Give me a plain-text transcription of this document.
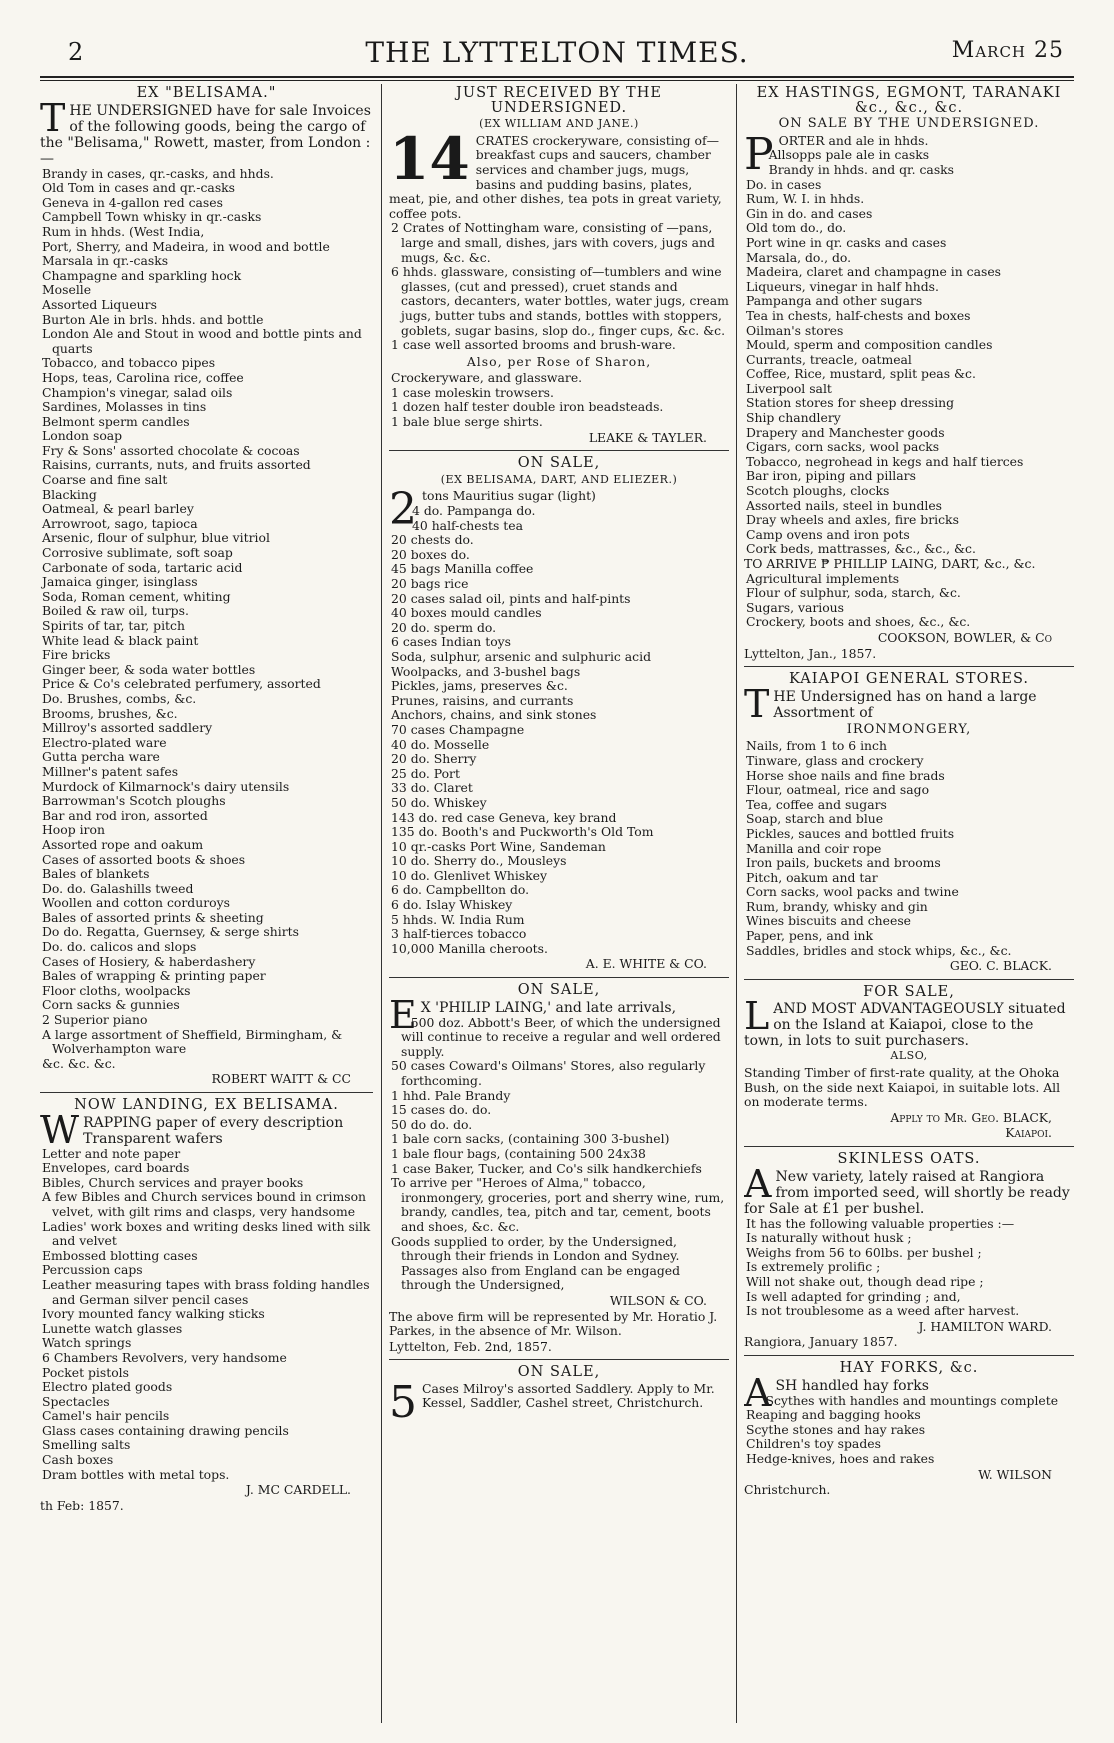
2	THE LYTTELTON TIMES.	March 25
EX "BELISAMA."

THE UNDERSIGNED have for sale Invoices of the following goods, being the cargo of the "Belisama," Rowett, master, from London :—

Brandy in cases, qr.-casks, and hhds.

Old Tom in cases and qr.-casks

Geneva in 4-gallon red cases

Campbell Town whisky in qr.-casks

Rum in hhds. (West India,

Port, Sherry, and Madeira, in wood and bottle

Marsala in qr.-casks

Champagne and sparkling hock

Moselle

Assorted Liqueurs

Burton Ale in brls. hhds. and bottle

London Ale and Stout in wood and bottle pints and quarts

Tobacco, and tobacco pipes

Hops, teas, Carolina rice, coffee

Champion's vinegar, salad oils

Sardines, Molasses in tins

Belmont sperm candles

London soap

Fry & Sons' assorted chocolate & cocoas

Raisins, currants, nuts, and fruits assorted

Coarse and fine salt

Blacking

Oatmeal, & pearl barley

Arrowroot, sago, tapioca

Arsenic, flour of sulphur, blue vitriol

Corrosive sublimate, soft soap

Carbonate of soda, tartaric acid

Jamaica ginger, isinglass

Soda, Roman cement, whiting

Boiled & raw oil, turps.

Spirits of tar, tar, pitch

White lead & black paint

Fire bricks

Ginger beer, & soda water bottles

Price & Co's celebrated perfumery, assorted

Do. Brushes, combs, &c.

Brooms, brushes, &c.

Millroy's assorted saddlery

Electro-plated ware

Gutta percha ware

Millner's patent safes

Murdock of Kilmarnock's dairy utensils

Barrowman's Scotch ploughs

Bar and rod iron, assorted

Hoop iron

Assorted rope and oakum

Cases of assorted boots & shoes

Bales of blankets

Do. do. Galashills tweed

Woollen and cotton corduroys

Bales of assorted prints & sheeting

Do do. Regatta, Guernsey, & serge shirts

Do. do. calicos and slops

Cases of Hosiery, & haberdashery

Bales of wrapping & printing paper

Floor cloths, woolpacks

Corn sacks & gunnies

2 Superior piano

A large assortment of Sheffield, Birmingham, & Wolverhampton ware

&c. &c. &c.

ROBERT WAITT & CC
NOW LANDING, EX BELISAMA.

WRAPPING paper of every description Transparent wafers

Letter and note paper

Envelopes, card boards

Bibles, Church services and prayer books

A few Bibles and Church services bound in crimson velvet, with gilt rims and clasps, very handsome

Ladies' work boxes and writing desks lined with silk and velvet

Embossed blotting cases

Percussion caps

Leather measuring tapes with brass folding handles and German silver pencil cases

Ivory mounted fancy walking sticks

Lunette watch glasses

Watch springs

6 Chambers Revolvers, very handsome

Pocket pistols

Electro plated goods

Spectacles

Camel's hair pencils

Glass cases containing drawing pencils

Smelling salts

Cash boxes

Dram bottles with metal tops.

J. MC CARDELL.
th Feb: 1857.
JUST RECEIVED BY THE UNDERSIGNED.
(EX WILLIAM AND JANE.)

14 CRATES crockeryware, consisting of—breakfast cups and saucers, chamber services and chamber jugs, mugs, basins and pudding basins, plates, meat, pie, and other dishes, tea pots in great variety, coffee pots.

2 Crates of Nottingham ware, consisting of —pans, large and small, dishes, jars with covers, jugs and mugs, &c. &c.

6 hhds. glassware, consisting of—tumblers and wine glasses, (cut and pressed), cruet stands and castors, decanters, water bottles, water jugs, cream jugs, butter tubs and stands, bottles with stoppers, goblets, sugar basins, slop do., finger cups, &c. &c.

1 case well assorted brooms and brush-ware.

Also, per Rose of Sharon,

Crockeryware, and glassware.

1 case moleskin trowsers.

1 dozen half tester double iron beadsteads.

1 bale blue serge shirts.

LEAKE & TAYLER.
ON SALE,
(EX BELISAMA, DART, AND ELIEZER.)

2 tons Mauritius sugar (light)

4 do. Pampanga do.

40 half-chests tea

20 chests do.

20 boxes do.

45 bags Manilla coffee

20 bags rice

20 cases salad oil, pints and half-pints

40 boxes mould candles

20 do. sperm do.

6 cases Indian toys

Soda, sulphur, arsenic and sulphuric acid

Woolpacks, and 3-bushel bags

Pickles, jams, preserves &c.

Prunes, raisins, and currants

Anchors, chains, and sink stones

70 cases Champagne

40 do. Mosselle

20 do. Sherry

25 do. Port

33 do. Claret

50 do. Whiskey

143 do. red case Geneva, key brand

135 do. Booth's and Puckworth's Old Tom

10 qr.-casks Port Wine, Sandeman

10 do. Sherry do., Mousleys

10 do. Glenlivet Whiskey

6 do. Campbellton do.

6 do. Islay Whiskey

5 hhds. W. India Rum

3 half-tierces tobacco

10,000 Manilla cheroots.

A. E. WHITE & CO.
ON SALE,

EX 'PHILIP LAING,' and late arrivals,

500 doz. Abbott's Beer, of which the undersigned will continue to receive a regular and well ordered supply.

50 cases Coward's Oilmans' Stores, also regularly forthcoming.

1 hhd. Pale Brandy

15 cases do. do.

50 do do. do.

1 bale corn sacks, (containing 300 3-bushel)

1 bale flour bags, (containing 500 24x38

1 case Baker, Tucker, and Co's silk handkerchiefs

To arrive per "Heroes of Alma," tobacco, ironmongery, groceries, port and sherry wine, rum, brandy, candles, tea, pitch and tar, cement, boots and shoes, &c. &c.

Goods supplied to order, by the Undersigned, through their friends in London and Sydney. Passages also from England can be engaged through the Undersigned,

WILSON & CO.

The above firm will be represented by Mr. Horatio J. Parkes, in the absence of Mr. Wilson.

Lyttelton, Feb. 2nd, 1857.
ON SALE,

5 Cases Milroy's assorted Saddlery. Apply to Mr. Kessel, Saddler, Cashel street, Christchurch.

EX HASTINGS, EGMONT, TARANAKI &c., &c., &c.
ON SALE BY THE UNDERSIGNED.

PORTER and ale in hhds.

Allsopps pale ale in casks

Brandy in hhds. and qr. casks

Do. in cases

Rum, W. I. in hhds.

Gin in do. and cases

Old tom do., do.

Port wine in qr. casks and cases

Marsala, do., do.

Madeira, claret and champagne in cases

Liqueurs, vinegar in half hhds.

Pampanga and other sugars

Tea in chests, half-chests and boxes

Oilman's stores

Mould, sperm and composition candles

Currants, treacle, oatmeal

Coffee, Rice, mustard, split peas &c.

Liverpool salt

Station stores for sheep dressing

Ship chandlery

Drapery and Manchester goods

Cigars, corn sacks, wool packs

Tobacco, negrohead in kegs and half tierces

Bar iron, piping and pillars

Scotch ploughs, clocks

Assorted nails, steel in bundles

Dray wheels and axles, fire bricks

Camp ovens and iron pots

Cork beds, mattrasses, &c., &c., &c.

TO ARRIVE ₱ PHILLIP LAING, DART, &c., &c.

Agricultural implements

Flour of sulphur, soda, starch, &c.

Sugars, various

Crockery, boots and shoes, &c., &c.

COOKSON, BOWLER, & Co
Lyttelton, Jan., 1857.
KAIAPOI GENERAL STORES.

THE Undersigned has on hand a large Assortment of

IRONMONGERY,

Nails, from 1 to 6 inch

Tinware, glass and crockery

Horse shoe nails and fine brads

Flour, oatmeal, rice and sago

Tea, coffee and sugars

Soap, starch and blue

Pickles, sauces and bottled fruits

Manilla and coir rope

Iron pails, buckets and brooms

Pitch, oakum and tar

Corn sacks, wool packs and twine

Rum, brandy, whisky and gin

Wines biscuits and cheese

Paper, pens, and ink

Saddles, bridles and stock whips, &c., &c.

GEO. C. BLACK.
FOR SALE,

LAND MOST ADVANTAGEOUSLY situated on the Island at Kaiapoi, close to the town, in lots to suit purchasers.

ALSO,

Standing Timber of first-rate quality, at the Ohoka Bush, on the side next Kaiapoi, in suitable lots. All on moderate terms.

Apply to Mr. Geo. BLACK,
Kaiapoi.
SKINLESS OATS.

ANew variety, lately raised at Rangiora from imported seed, will shortly be ready for Sale at £1 per bushel.

It has the following valuable properties :—

Is naturally without husk ;

Weighs from 56 to 60lbs. per bushel ;

Is extremely prolific ;

Will not shake out, though dead ripe ;

Is well adapted for grinding ; and,

Is not troublesome as a weed after harvest.

J. HAMILTON WARD.
Rangiora, January 1857.
HAY FORKS, &c.

ASH handled hay forks

Scythes with handles and mountings complete

Reaping and bagging hooks

Scythe stones and hay rakes

Children's toy spades

Hedge-knives, hoes and rakes

W. WILSON
Christchurch.
